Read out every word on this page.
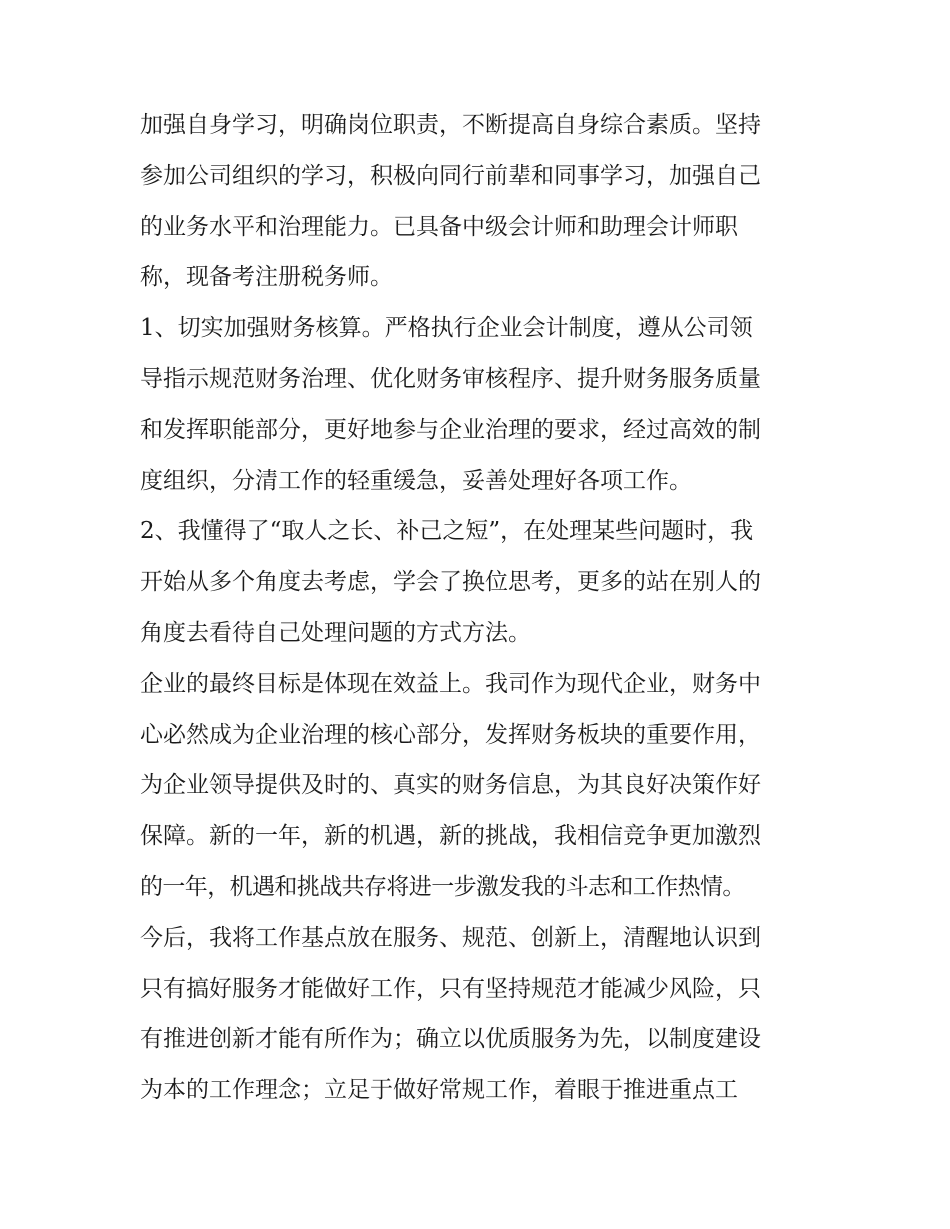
加强自身学习，明确岗位职责，不断提高自身综合素质。坚持
参加公司组织的学习，积极向同行前辈和同事学习，加强自己
的业务水平和治理能力。已具备中级会计师和助理会计师职
称，现备考注册税务师。
1、切实加强财务核算。严格执行企业会计制度，遵从公司领
导指示规范财务治理、优化财务审核程序、提升财务服务质量
和发挥职能部分，更好地参与企业治理的要求，经过高效的制
度组织，分清工作的轻重缓急，妥善处理好各项工作。
2、我懂得了“取人之长、补己之短”，在处理某些问题时，我
开始从多个角度去考虑，学会了换位思考，更多的站在别人的
角度去看待自己处理问题的方式方法。
企业的最终目标是体现在效益上。我司作为现代企业，财务中
心必然成为企业治理的核心部分，发挥财务板块的重要作用，
为企业领导提供及时的、真实的财务信息，为其良好决策作好
保障。新的一年，新的机遇，新的挑战，我相信竞争更加激烈
的一年，机遇和挑战共存将进一步激发我的斗志和工作热情。
今后，我将工作基点放在服务、规范、创新上，清醒地认识到
只有搞好服务才能做好工作，只有坚持规范才能减少风险，只
有推进创新才能有所作为；确立以优质服务为先，以制度建设
为本的工作理念；立足于做好常规工作，着眼于推进重点工
